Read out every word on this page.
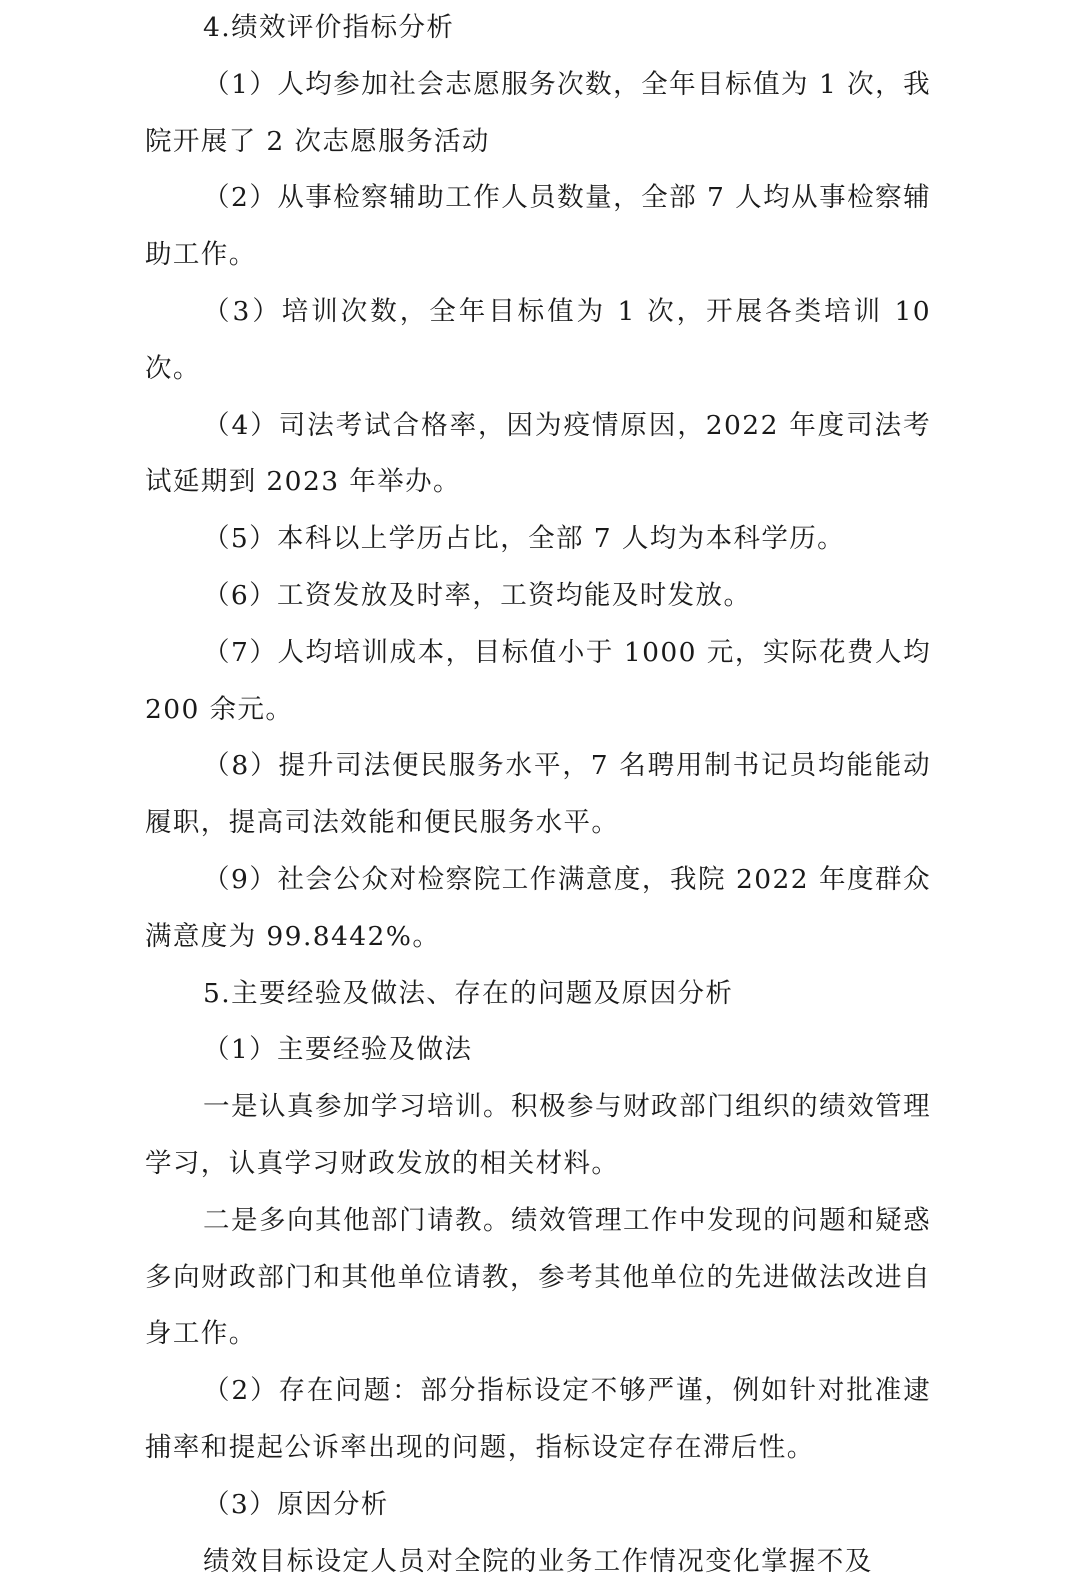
4.绩效评价指标分析

（1）人均参加社会志愿服务次数，全年目标值为 1 次，我院开展了 2 次志愿服务活动

（2）从事检察辅助工作人员数量，全部 7 人均从事检察辅助工作。

（3）培训次数，全年目标值为 1 次，开展各类培训 10 次。

（4）司法考试合格率，因为疫情原因，2022 年度司法考试延期到 2023 年举办。

（5）本科以上学历占比，全部 7 人均为本科学历。

（6）工资发放及时率，工资均能及时发放。

（7）人均培训成本，目标值小于 1000 元，实际花费人均 200 余元。

（8）提升司法便民服务水平，7 名聘用制书记员均能能动履职，提高司法效能和便民服务水平。

（9）社会公众对检察院工作满意度，我院 2022 年度群众满意度为 99.8442%。

5.主要经验及做法、存在的问题及原因分析

（1）主要经验及做法

一是认真参加学习培训。积极参与财政部门组织的绩效管理学习，认真学习财政发放的相关材料。

二是多向其他部门请教。绩效管理工作中发现的问题和疑惑多向财政部门和其他单位请教，参考其他单位的先进做法改进自身工作。

（2）存在问题：部分指标设定不够严谨，例如针对批准逮捕率和提起公诉率出现的问题，指标设定存在滞后性。

（3）原因分析

绩效目标设定人员对全院的业务工作情况变化掌握不及
